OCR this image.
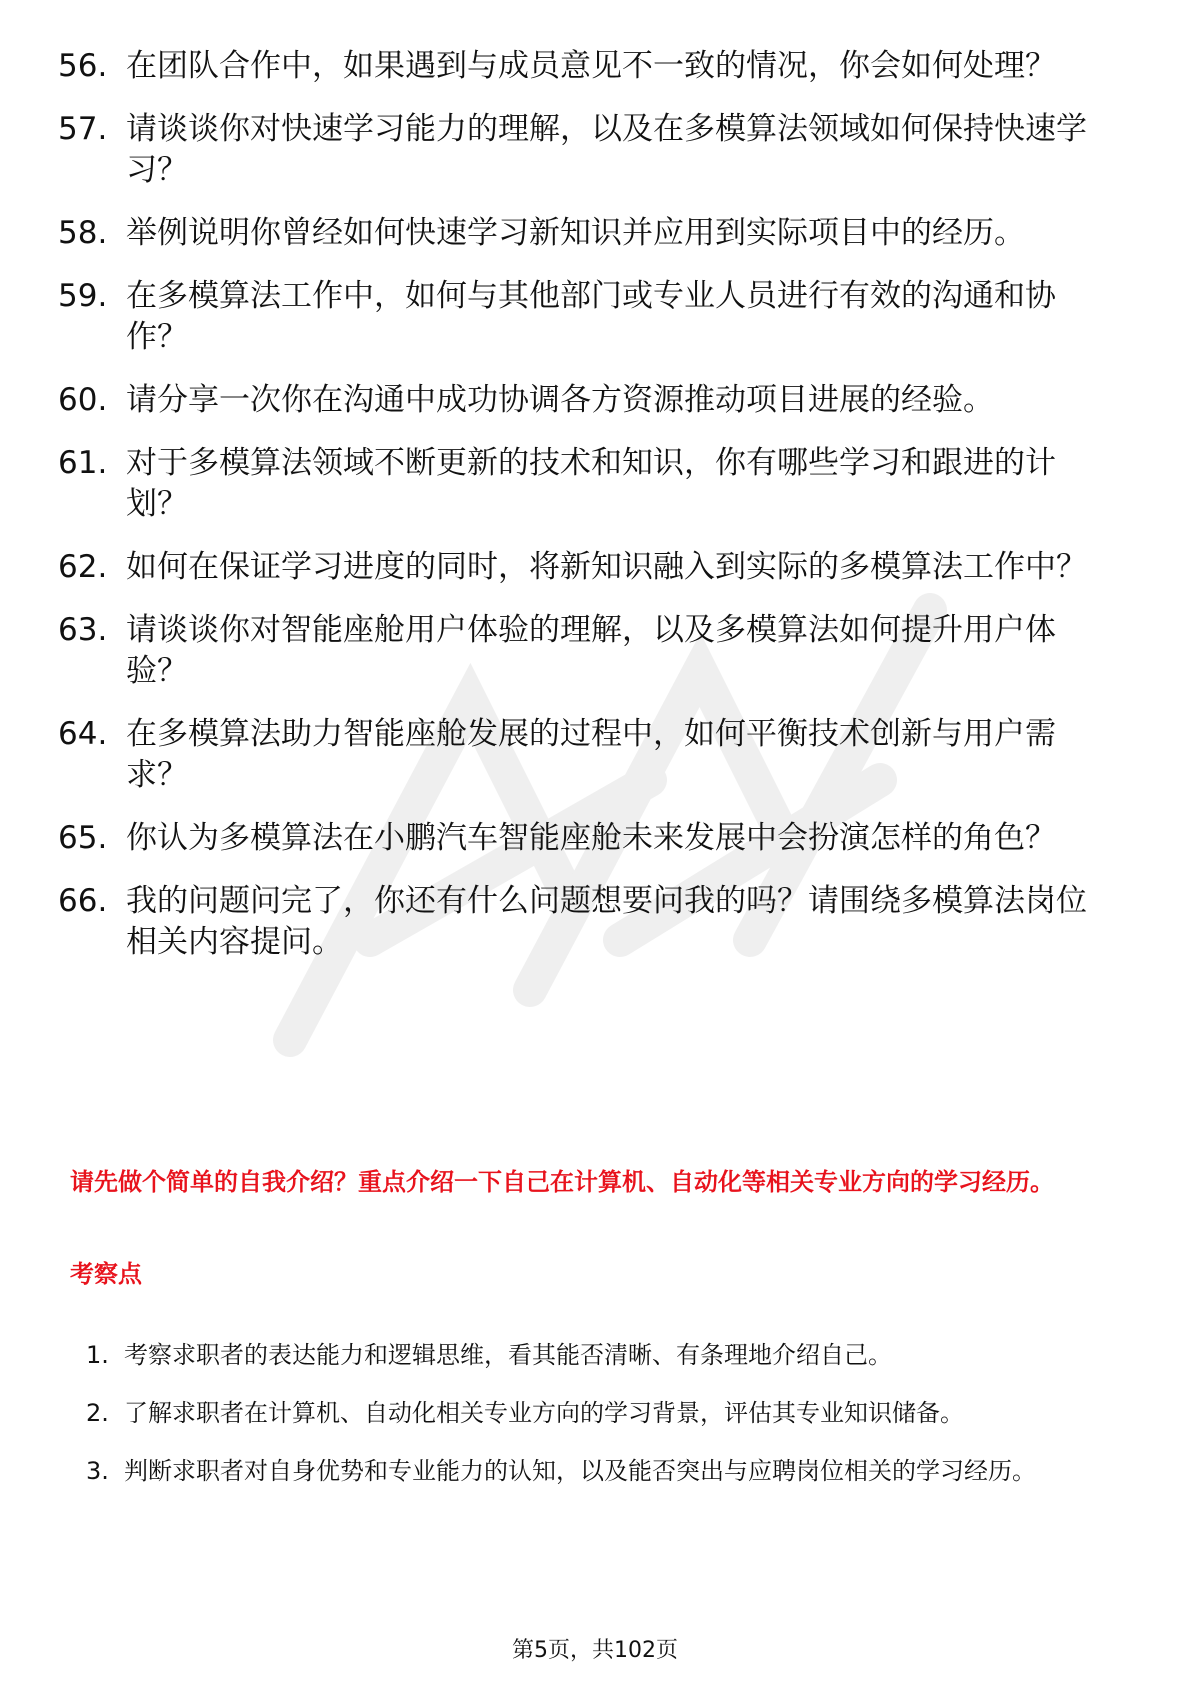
56. 在团队合作中，如果遇到与成员意见不一致的情况，你会如何处理？
57. 请谈谈你对快速学习能力的理解，以及在多模算法领域如何保持快速学习？
58. 举例说明你曾经如何快速学习新知识并应用到实际项目中的经历。
59. 在多模算法工作中，如何与其他部门或专业人员进行有效的沟通和协作？
60. 请分享一次你在沟通中成功协调各方资源推动项目进展的经验。
61. 对于多模算法领域不断更新的技术和知识，你有哪些学习和跟进的计划？
62. 如何在保证学习进度的同时，将新知识融入到实际的多模算法工作中？
63. 请谈谈你对智能座舱用户体验的理解，以及多模算法如何提升用户体验？
64. 在多模算法助力智能座舱发展的过程中，如何平衡技术创新与用户需求？
65. 你认为多模算法在小鹏汽车智能座舱未来发展中会扮演怎样的角色？
66. 我的问题问完了，你还有什么问题想要问我的吗？请围绕多模算法岗位相关内容提问。

请先做个简单的自我介绍？重点介绍一下自己在计算机、自动化等相关专业方向的学习经历。

考察点

1. 考察求职者的表达能力和逻辑思维，看其能否清晰、有条理地介绍自己。
2. 了解求职者在计算机、自动化相关专业方向的学习背景，评估其专业知识储备。
3. 判断求职者对自身优势和专业能力的认知，以及能否突出与应聘岗位相关的学习经历。
第5页，共102页
